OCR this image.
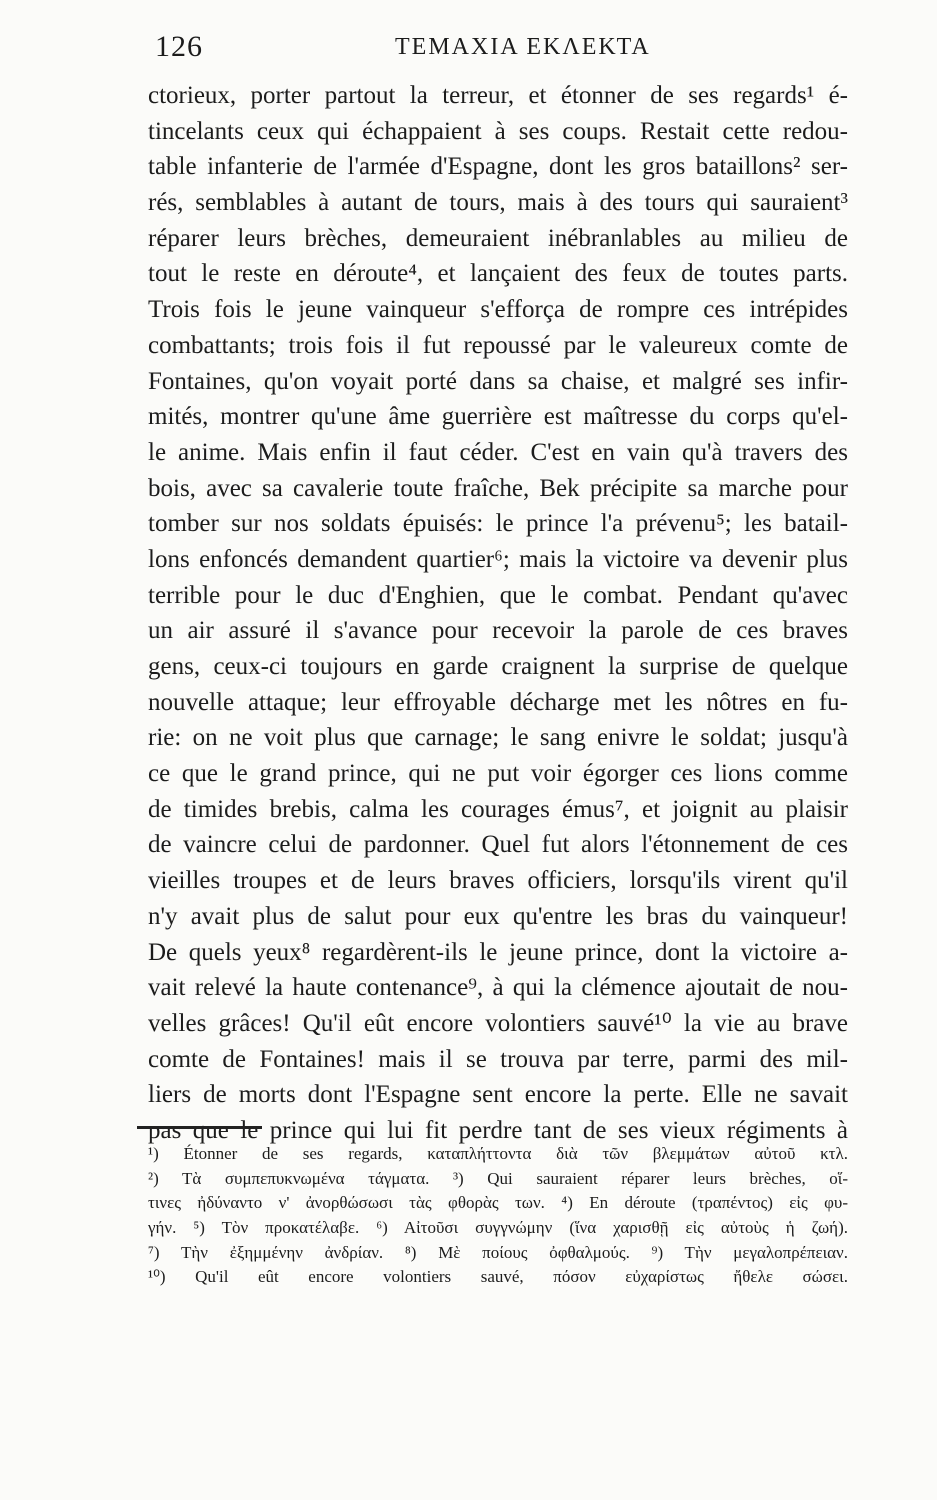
126	ΤΕΜΑΧΙΑ ΕΚΛΕΚΤΑ
ctorieux, porter partout la terreur, et étonner de ses regards¹ é-
tincelants ceux qui échappaient à ses coups. Restait cette redou-
table infanterie de l'armée d'Espagne, dont les gros bataillons² ser-
rés, semblables à autant de tours, mais à des tours qui sauraient³
réparer leurs brèches, demeuraient inébranlables au milieu de
tout le reste en déroute⁴, et lançaient des feux de toutes parts.
Trois fois le jeune vainqueur s'efforça de rompre ces intrépides
combattants; trois fois il fut repoussé par le valeureux comte de
Fontaines, qu'on voyait porté dans sa chaise, et malgré ses infir-
mités, montrer qu'une âme guerrière est maîtresse du corps qu'el-
le anime. Mais enfin il faut céder. C'est en vain qu'à travers des
bois, avec sa cavalerie toute fraîche, Bek précipite sa marche pour
tomber sur nos soldats épuisés: le prince l'a prévenu⁵; les batail-
lons enfoncés demandent quartier⁶; mais la victoire va devenir plus
terrible pour le duc d'Enghien, que le combat. Pendant qu'avec
un air assuré il s'avance pour recevoir la parole de ces braves
gens, ceux-ci toujours en garde craignent la surprise de quelque
nouvelle attaque; leur effroyable décharge met les nôtres en fu-
rie: on ne voit plus que carnage; le sang enivre le soldat; jusqu'à
ce que le grand prince, qui ne put voir égorger ces lions comme
de timides brebis, calma les courages émus⁷, et joignit au plaisir
de vaincre celui de pardonner. Quel fut alors l'étonnement de ces
vieilles troupes et de leurs braves officiers, lorsqu'ils virent qu'il
n'y avait plus de salut pour eux qu'entre les bras du vainqueur!
De quels yeux⁸ regardèrent-ils le jeune prince, dont la victoire a-
vait relevé la haute contenance⁹, à qui la clémence ajoutait de nou-
velles grâces! Qu'il eût encore volontiers sauvé¹⁰ la vie au brave
comte de Fontaines! mais il se trouva par terre, parmi des mil-
liers de morts dont l'Espagne sent encore la perte. Elle ne savait
pas que le prince qui lui fit perdre tant de ses vieux régiments à
¹) Étonner de ses regards, καταπλήττοντα διὰ τῶν βλεμμάτων αὐτοῦ κτλ.
²) Τὰ συμπεπυκνωμένα τάγματα. ³) Qui sauraient réparer leurs brèches, οἵ-
τινες ἠδύναντο ν' ἀνορθώσωσι τὰς φθορὰς των. ⁴) En déroute (τραπέντος) εἰς φυ-
γήν. ⁵) Τὸν προκατέλαβε. ⁶) Αἰτοῦσι συγγνώμην (ἵνα χαρισθῇ εἰς αὐτοὺς ἡ ζωή).
⁷) Τὴν ἐξημμένην ἀνδρίαν. ⁸) Μὲ ποίους ὀφθαλμούς. ⁹) Τὴν μεγαλοπρέπειαν.
¹⁰) Qu'il eût encore volontiers sauvé, πόσον εὐχαρίστως ἤθελε σώσει.
